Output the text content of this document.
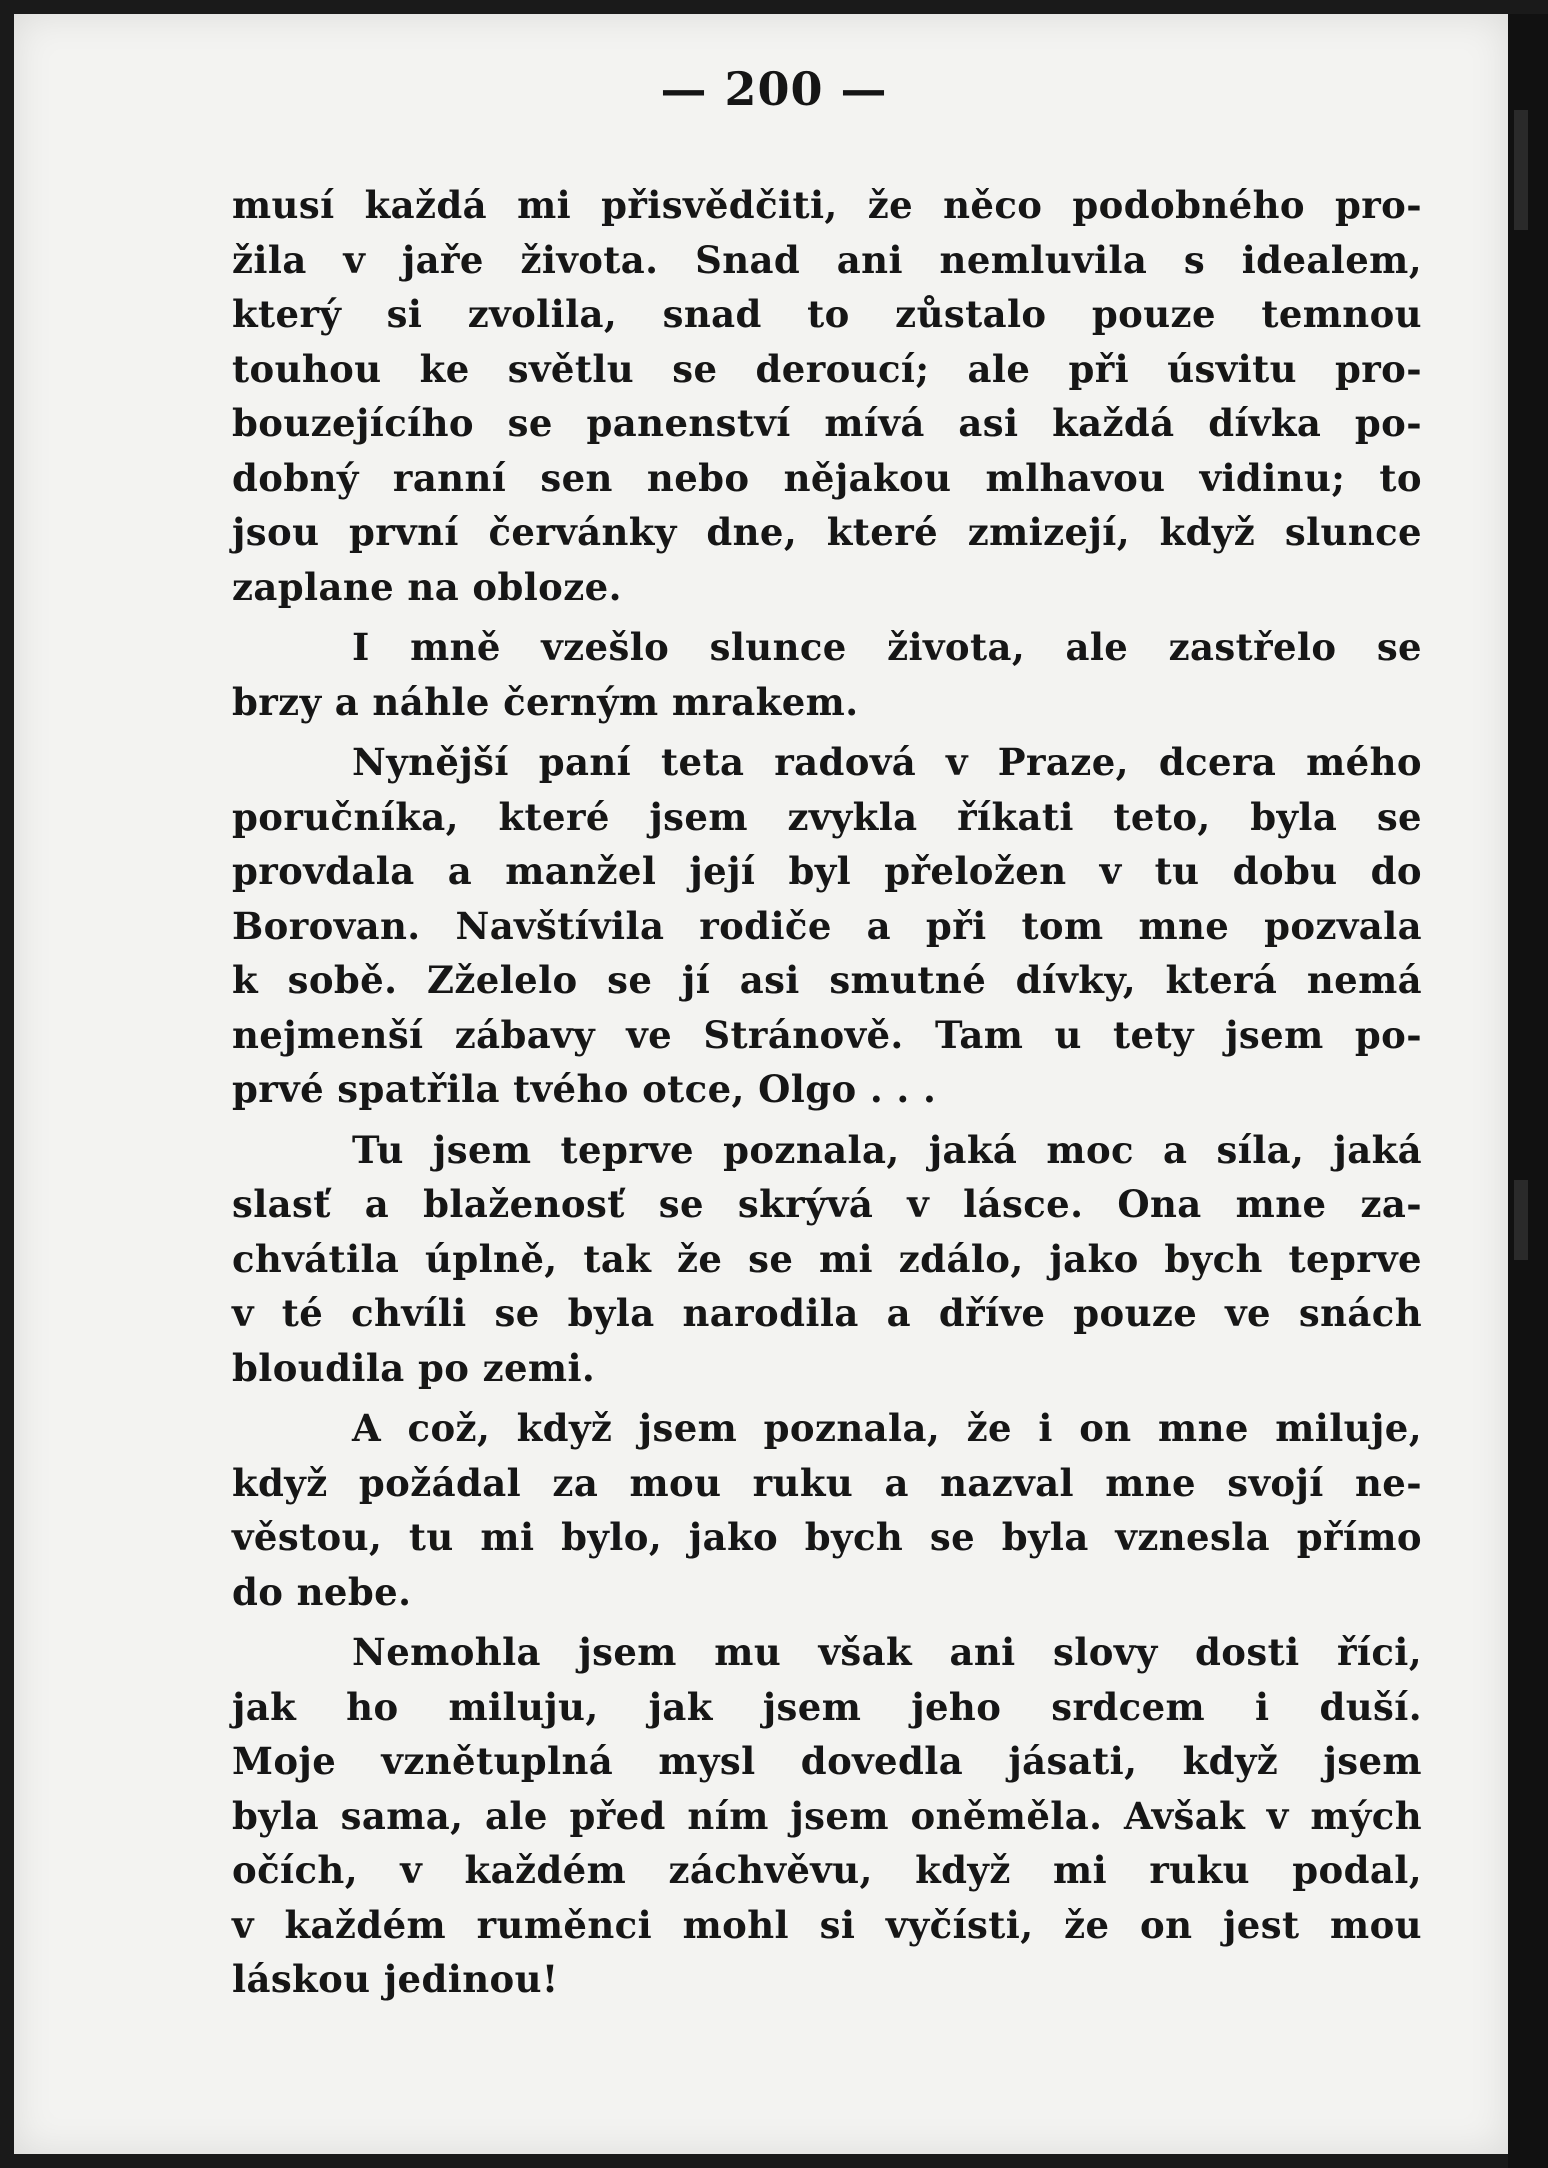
— 200 —
musí každá mi přisvědčiti, že něco podobného pro-
žila v jaře života. Snad ani nemluvila s idealem,
který si zvolila, snad to zůstalo pouze temnou
touhou ke světlu se deroucí; ale při úsvitu pro-
bouzejícího se panenství mívá asi každá dívka po-
dobný ranní sen nebo nějakou mlhavou vidinu; to
jsou první červánky dne, které zmizejí, když slunce
zaplane na obloze.
I mně vzešlo slunce života, ale zastřelo se
brzy a náhle černým mrakem.
Nynější paní teta radová v Praze, dcera mého
poručníka, které jsem zvykla říkati teto, byla se
provdala a manžel její byl přeložen v tu dobu do
Borovan. Navštívila rodiče a při tom mne pozvala
k sobě. Zželelo se jí asi smutné dívky, která nemá
nejmenší zábavy ve Stránově. Tam u tety jsem po-
prvé spatřila tvého otce, Olgo . . .
Tu jsem teprve poznala, jaká moc a síla, jaká
slasť a blaženosť se skrývá v lásce. Ona mne za-
chvátila úplně, tak že se mi zdálo, jako bych teprve
v té chvíli se byla narodila a dříve pouze ve snách
bloudila po zemi.
A což, když jsem poznala, že i on mne miluje,
když požádal za mou ruku a nazval mne svojí ne-
věstou, tu mi bylo, jako bych se byla vznesla přímo
do nebe.
Nemohla jsem mu však ani slovy dosti říci,
jak ho miluju, jak jsem jeho srdcem i duší.
Moje vznětuplná mysl dovedla jásati, když jsem
byla sama, ale před ním jsem oněměla. Avšak v mých
očích, v každém záchvěvu, když mi ruku podal,
v každém ruměnci mohl si vyčísti, že on jest mou
láskou jedinou!
